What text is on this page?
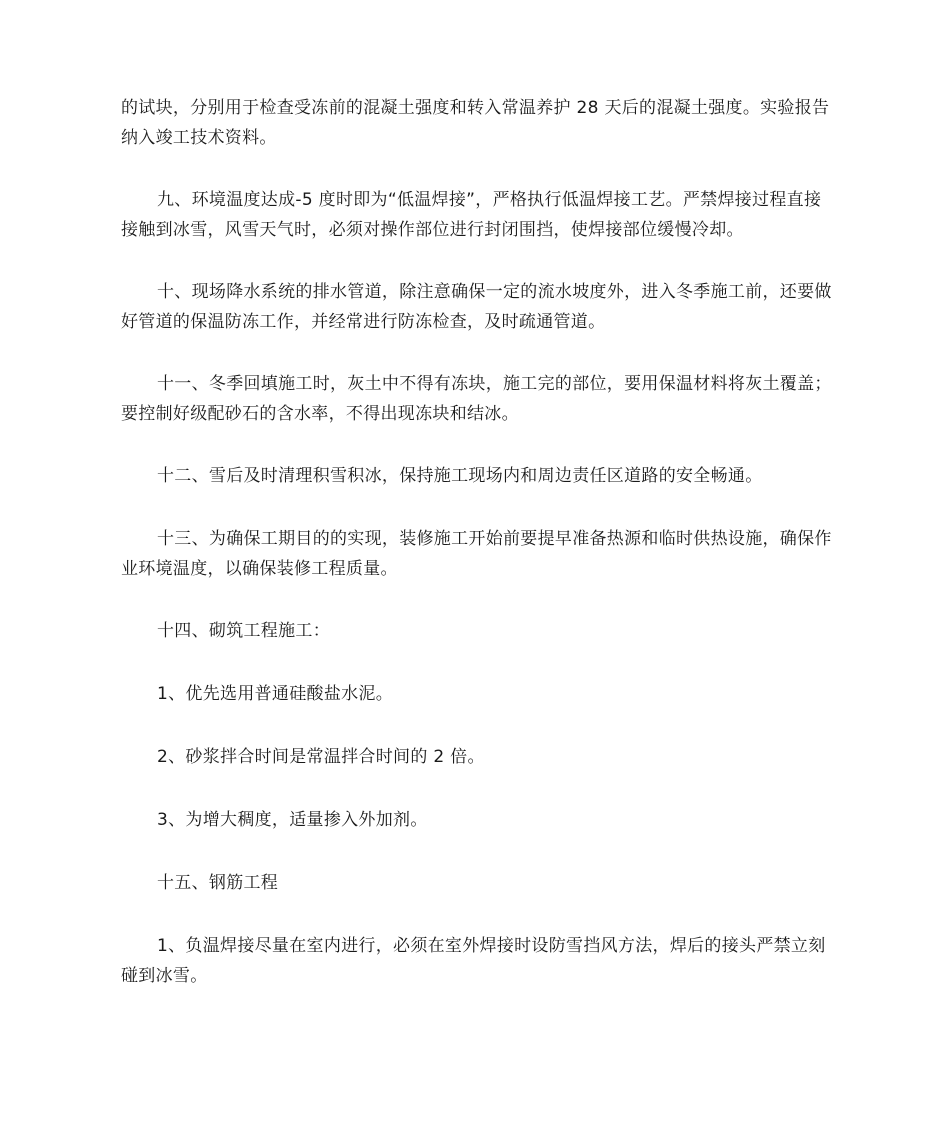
的试块，分别用于检查受冻前的混凝土强度和转入常温养护 28 天后的混凝土强度。实验报告纳入竣工技术资料。

九、环境温度达成-5 度时即为“低温焊接”，严格执行低温焊接工艺。严禁焊接过程直接接触到冰雪，风雪天气时，必须对操作部位进行封闭围挡，使焊接部位缓慢冷却。

十、现场降水系统的排水管道，除注意确保一定的流水坡度外，进入冬季施工前，还要做好管道的保温防冻工作，并经常进行防冻检查，及时疏通管道。

十一、冬季回填施工时，灰土中不得有冻块，施工完的部位，要用保温材料将灰土覆盖；要控制好级配砂石的含水率，不得出现冻块和结冰。

十二、雪后及时清理积雪积冰，保持施工现场内和周边责任区道路的安全畅通。

十三、为确保工期目的的实现，装修施工开始前要提早准备热源和临时供热设施，确保作业环境温度，以确保装修工程质量。

十四、砌筑工程施工：

1、优先选用普通硅酸盐水泥。

2、砂浆拌合时间是常温拌合时间的 2 倍。

3、为增大稠度，适量掺入外加剂。

十五、钢筋工程

1、负温焊接尽量在室内进行，必须在室外焊接时设防雪挡风方法，焊后的接头严禁立刻碰到冰雪。
